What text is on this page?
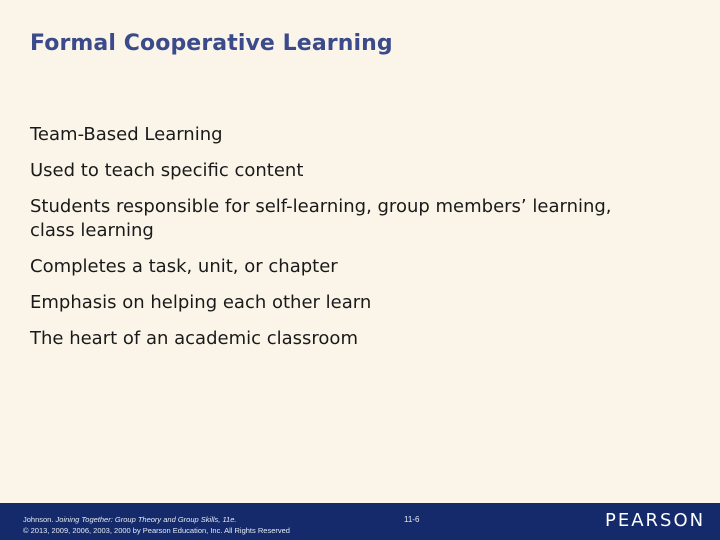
Formal Cooperative Learning
Team-Based Learning
Used to teach specific content
Students responsible for self-learning, group members’ learning, class learning
Completes a task, unit, or chapter
Emphasis on helping each other learn
The heart of an academic classroom
Johnson. Joining Together: Group Theory and Group Skills, 11e.
© 2013, 2009, 2006, 2003, 2000 by Pearson Education, Inc. All Rights Reserved
11-6	PEARSON
